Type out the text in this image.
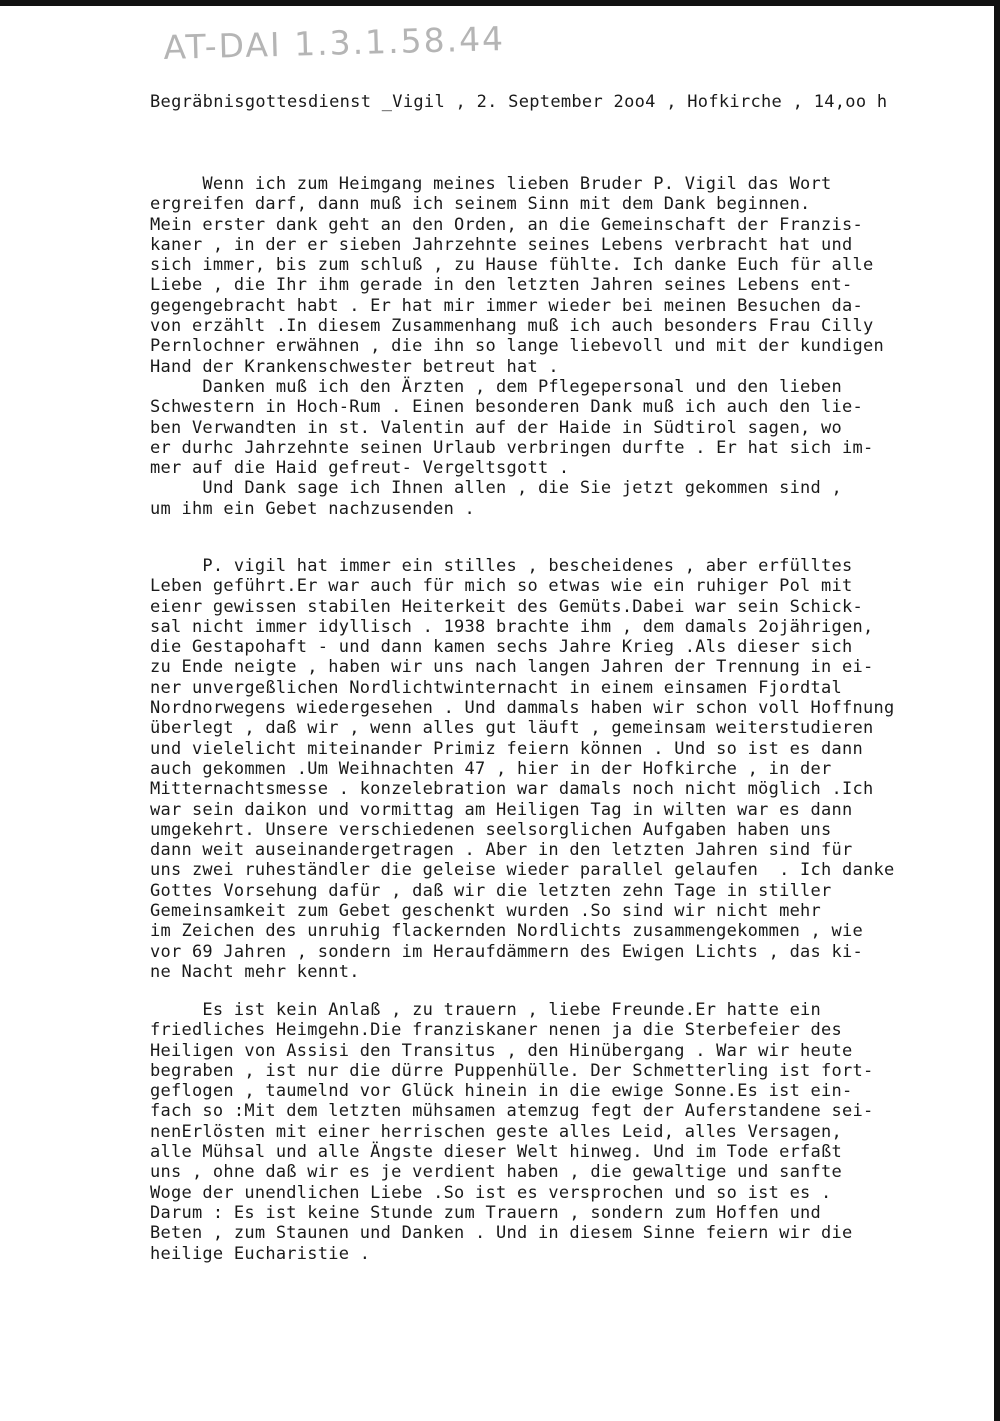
AT-DAI 1.3.1.58.44
Begräbnisgottesdienst _Vigil , 2. September 2oo4 , Hofkirche , 14,oo h
Wenn ich zum Heimgang meines lieben Bruder P. Vigil das Wort
ergreifen darf, dann muß ich seinem Sinn mit dem Dank beginnen.
Mein erster dank geht an den Orden, an die Gemeinschaft der Franzis-
kaner , in der er sieben Jahrzehnte seines Lebens verbracht hat und
sich immer, bis zum schluß , zu Hause fühlte. Ich danke Euch für alle
Liebe , die Ihr ihm gerade in den letzten Jahren seines Lebens ent-
gegengebracht habt . Er hat mir immer wieder bei meinen Besuchen da-
von erzählt .In diesem Zusammenhang muß ich auch besonders Frau Cilly
Pernlochner erwähnen , die ihn so lange liebevoll und mit der kundigen
Hand der Krankenschwester betreut hat .
Danken muß ich den Ärzten , dem Pflegepersonal und den lieben
Schwestern in Hoch-Rum . Einen besonderen Dank muß ich auch den lie-
ben Verwandten in st. Valentin auf der Haide in Südtirol sagen, wo
er durhc Jahrzehnte seinen Urlaub verbringen durfte . Er hat sich im-
mer auf die Haid gefreut- Vergeltsgott .
Und Dank sage ich Ihnen allen , die Sie jetzt gekommen sind ,
um ihm ein Gebet nachzusenden .
P. vigil hat immer ein stilles , bescheidenes , aber erfülltes
Leben geführt.Er war auch für mich so etwas wie ein ruhiger Pol mit
eienr gewissen stabilen Heiterkeit des Gemüts.Dabei war sein Schick-
sal nicht immer idyllisch . 1938 brachte ihm , dem damals 2ojährigen,
die Gestapohaft - und dann kamen sechs Jahre Krieg .Als dieser sich
zu Ende neigte , haben wir uns nach langen Jahren der Trennung in ei-
ner unvergeßlichen Nordlichtwinternacht in einem einsamen Fjordtal
Nordnorwegens wiedergesehen . Und dammals haben wir schon voll Hoffnung
überlegt , daß wir , wenn alles gut läuft , gemeinsam weiterstudieren
und vielelicht miteinander Primiz feiern können . Und so ist es dann
auch gekommen .Um Weihnachten 47 , hier in der Hofkirche , in der
Mitternachtsmesse . konzelebration war damals noch nicht möglich .Ich
war sein daikon und vormittag am Heiligen Tag in wilten war es dann
umgekehrt. Unsere verschiedenen seelsorglichen Aufgaben haben uns
dann weit auseinandergetragen . Aber in den letzten Jahren sind für
uns zwei ruheständler die geleise wieder parallel gelaufen  . Ich danke
Gottes Vorsehung dafür , daß wir die letzten zehn Tage in stiller
Gemeinsamkeit zum Gebet geschenkt wurden .So sind wir nicht mehr
im Zeichen des unruhig flackernden Nordlichts zusammengekommen , wie
vor 69 Jahren , sondern im Heraufdämmern des Ewigen Lichts , das ki-
ne Nacht mehr kennt.
Es ist kein Anlaß , zu trauern , liebe Freunde.Er hatte ein
friedliches Heimgehn.Die franziskaner nenen ja die Sterbefeier des
Heiligen von Assisi den Transitus , den Hinübergang . War wir heute
begraben , ist nur die dürre Puppenhülle. Der Schmetterling ist fort-
geflogen , taumelnd vor Glück hinein in die ewige Sonne.Es ist ein-
fach so :Mit dem letzten mühsamen atemzug fegt der Auferstandene sei-
nenErlösten mit einer herrischen geste alles Leid, alles Versagen,
alle Mühsal und alle Ängste dieser Welt hinweg. Und im Tode erfaßt
uns , ohne daß wir es je verdient haben , die gewaltige und sanfte
Woge der unendlichen Liebe .So ist es versprochen und so ist es .
Darum : Es ist keine Stunde zum Trauern , sondern zum Hoffen und
Beten , zum Staunen und Danken . Und in diesem Sinne feiern wir die
heilige Eucharistie .
